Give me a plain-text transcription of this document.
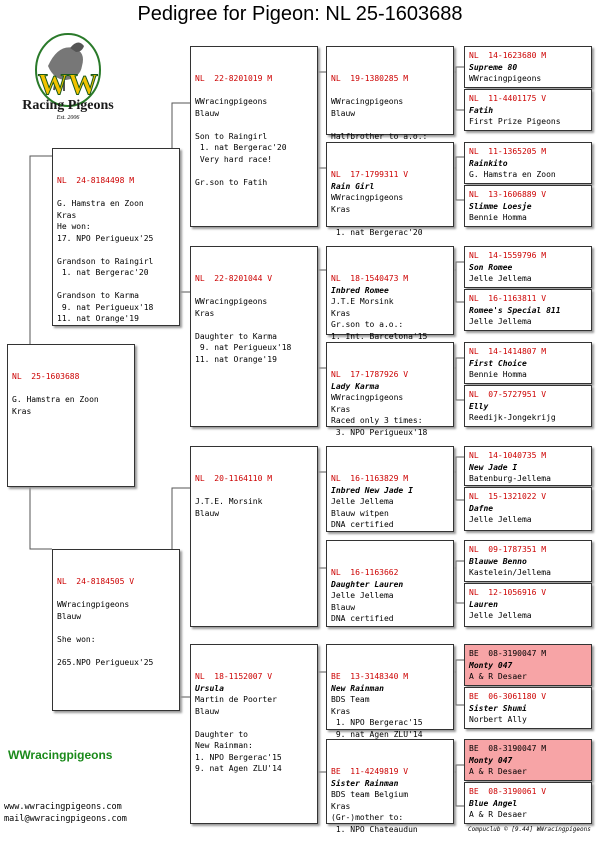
Pedigree for Pigeon: NL 25-1603688
WW
Racing Pigeons
Est. 2006

NL  25-1603688

G. Hamstra en Zoon
Kras

NL  24-8184498 M

G. Hamstra en Zoon
Kras
He won:
17. NPO Perigueux'25

Grandson to Raingirl
1. nat Bergerac'20

Grandson to Karma
9. nat Perigueux'18
11. nat Orange'19

NL  24-8184505 V

WWracingpigeons
Blauw

She won:

265.NPO Perigueux'25

NL  22-8201019 M

WWracingpigeons
Blauw

Son to Raingirl
1. nat Bergerac'20
Very hard race!

Gr.son to Fatih

NL  22-8201044 V

WWracingpigeons
Kras

Daughter to Karma
9. nat Perigueux'18
11. nat Orange'19

NL  20-1164110 M

J.T.E. Morsink
Blauw

NL  18-1152007 V
Ursula
Martin de Poorter
Blauw

Daughter to
New Rainman:
1. NPO Bergerac'15
9. nat Agen ZLU'14

NL  19-1380285 M

WWracingpigeons
Blauw

Halfbrother to a.o.:

NL  17-1799311 V
Rain Girl
WWracingpigeons
Kras

1. nat Bergerac'20

NL  18-1540473 M
Inbred Romee
J.T.E Morsink
Kras
Gr.son to a.o.:
1. Int. Barcelona'15

NL  17-1787926 V
Lady Karma
WWracingpigeons
Kras
Raced only 3 times:
3. NPO Perigueux'18

NL  16-1163829 M
Inbred New Jade I
Jelle Jellema
Blauw witpen
DNA certified

NL  16-1163662
Daughter Lauren
Jelle Jellema
Blauw
DNA certified

BE  13-3148340 M
New Rainman
BDS Team
Kras
1. NPO Bergerac'15
9. nat Agen ZLU'14

BE  11-4249819 V
Sister Rainman
BDS team Belgium
Kras
(Gr-)mother to:
1. NPO Chateaudun

NL  14-1623680 M
Supreme 80
WWracingpigeons
NL  11-4401175 V
Fatih
First Prize Pigeons
NL  11-1365205 M
Rainkito
G. Hamstra en Zoon
NL  13-1606889 V
Slimme Loesje
Bennie Homma
NL  14-1559796 M
Son Romee
Jelle Jellema
NL  16-1163811 V
Romee's Special 811
Jelle Jellema
NL  14-1414807 M
First Choice
Bennie Homma
NL  07-5727951 V
Elly
Reedijk-Jongekrijg
NL  14-1040735 M
New Jade I
Batenburg-Jellema
NL  15-1321022 V
Dafne
Jelle Jellema
NL  09-1787351 M
Blauwe Benno
Kastelein/Jellema
NL  12-1056916 V
Lauren
Jelle Jellema
BE  08-3190047 M
Monty 047
A & R Desaer
BE  06-3061180 V
Sister Shumi
Norbert Ally
BE  08-3190047 M
Monty 047
A & R Desaer
BE  08-3190061 V
Blue Angel
A & R Desaer
WWracingpigeons
www.wwracingpigeons.com
mail@wwracingpigeons.com
Compuclub © [9.44] WWracingpigeons
